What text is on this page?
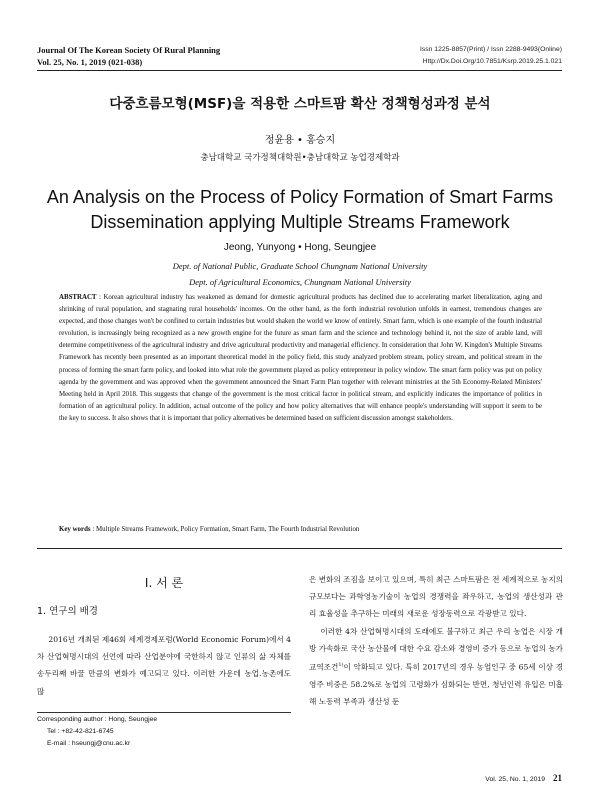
Journal Of The Korean Society Of Rural Planning
Vol. 25, No. 1, 2019 (021-038)
Issn 1225-8857(Print) / Issn 2288-9493(Online)
Http://Dx.Doi.Org/10.7851/Ksrp.2019.25.1.021
다중흐름모형(MSF)을 적용한 스마트팜 확산 정책형성과정 분석
정윤용 • 홍승지
충남대학교 국가정책대학원•충남대학교 농업경제학과
An Analysis on the Process of Policy Formation of Smart Farms
Dissemination applying Multiple Streams Framework
Jeong, Yunyong • Hong, Seungjee
Dept. of National Public, Graduate School Chungnam National University
Dept. of Agricultural Economics, Chungnam National University
ABSTRACT : Korean agricultural industry has weakened as demand for domestic agricultural products has declined due to accelerating market liberalization, aging and shrinking of rural population, and stagnating rural households' incomes. On the other hand, as the forth industrial revolution unfolds in earnest, tremendous changes are expected, and those changes won't be confined to certain industries but would shaken the world we know of entirely. Smart farm, which is one example of the fourth industrial revolution, is increasingly being recognized as a new growth engine for the future as smart farm and the science and technology behind it, not the size of arable land, will determine competitiveness of the agricultural industry and drive agricultural productivity and managerial efficiency. In consideration that John W. Kingdon's Multiple Streams Framework has recently been presented as an important theoretical model in the policy field, this study analyzed problem stream, policy stream, and political stream in the process of forming the smart farm policy, and looked into what role the government played as policy entrepreneur in policy window. The smart farm policy was put on policy agenda by the government and was approved when the government announced the Smart Farm Plan together with relevant ministries at the 5th Economy-Related Ministers' Meeting held in April 2018. This suggests that change of the government is the most critical factor in political stream, and explicitly indicates the importance of politics in formation of an agricultural policy. In addition, actual outcome of the policy and how policy alternatives that will enhance people's understanding will support it seem to be the key to success. It also shows that it is important that policy alternatives be determined based on sufficient discussion amongst stakeholders.
Key words : Multiple Streams Framework, Policy Formation, Smart Farm, The Fourth Industrial Revolution
Ⅰ. 서 론
1. 연구의 배경

2016년 개최된 제46회 세계경제포럼(World Economic Forum)에서 4차 산업혁명시대의 선언에 따라 산업분야에 국한하지 않고 인류의 삶 자체를 송두리째 바꿀 만큼의 변화가 예고되고 있다. 이러한 가운데 농업․농촌에도 많

은 변화의 조짐을 보이고 있으며, 특히 최근 스마트팜은 전 세계적으로 농지의 규모보다는 과학영농기술이 농업의 경쟁력을 좌우하고, 농업의 생산성과 관리 효율성을 추구하는 미래의 새로운 성장동력으로 각광받고 있다.

이러한 4차 산업혁명시대의 도래에도 불구하고 최근 우리 농업은 시장 개방 가속화로 국산 농산물에 대한 수요 감소와 경영비 증가 등으로 농업의 농가교역조건$^{1)}$이 악화되고 있다. 특히 2017년의 경우 농업인구 중 65세 이상 경영주 비중은 58.2%로 농업의 고령화가 심화되는 반면, 청년인력 유입은 미흡해 노동력 부족과 생산성 둔

Corresponding author : Hong, Seungjee
Tel : +82-42-821-6745
E-mail : hseungj@cnu.ac.kr
Vol. 25, No. 1, 2019 21
